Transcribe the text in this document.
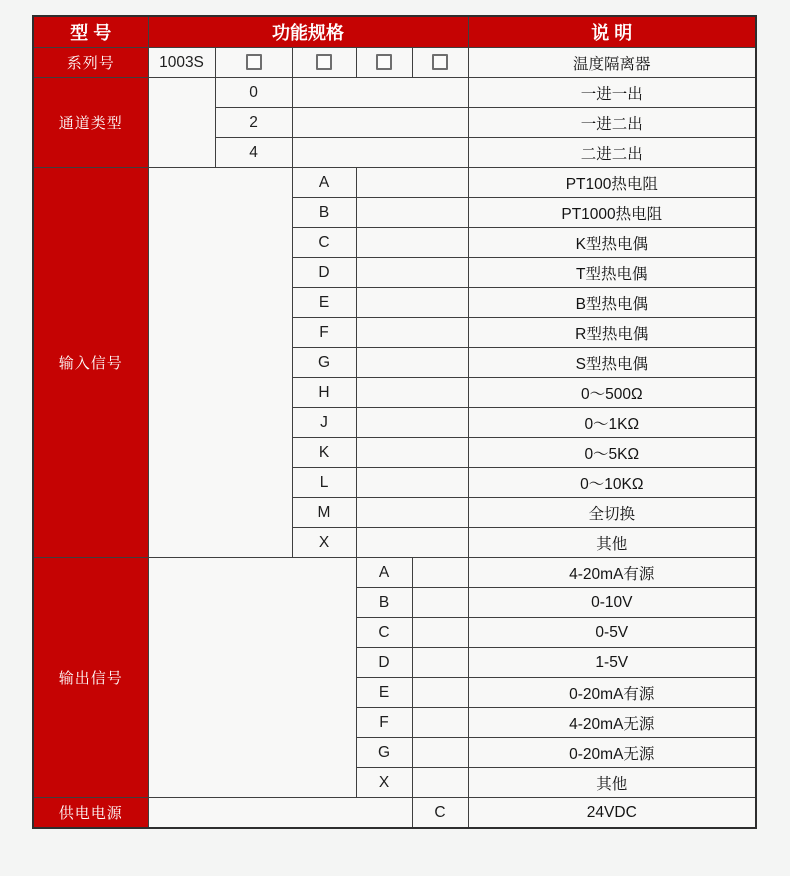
型 号	功能规格					说 明
系列号	1003S					温度隔离器
通道类型		0				一进一出
		2				一进二出
		4				二进二出
输入信号			A			PT100热电阻
			B			PT1000热电阻
			C			K型热电偶
			D			T型热电偶
			E			B型热电偶
			F			R型热电偶
			G			S型热电偶
			H			0～500Ω
			J			0～1KΩ
			K			0～5KΩ
			L			0～10KΩ
			M			全切换
			X			其他
输出信号				A		4-20mA有源
				B		0-10V
				C		0-5V
				D		1-5V
				E		0-20mA有源
				F		4-20mA无源
				G		0-20mA无源
				X		其他
供电电源					C	24VDC
